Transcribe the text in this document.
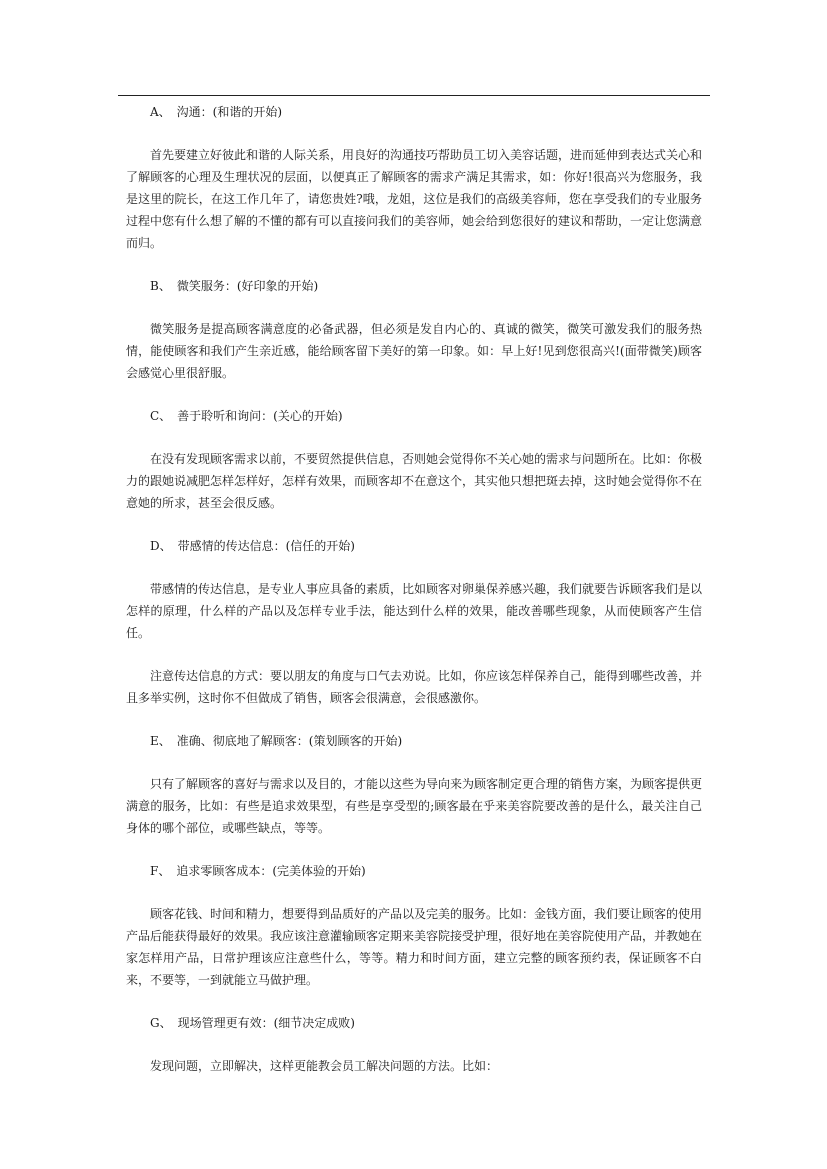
A、　沟通：(和谐的开始)

首先要建立好彼此和谐的人际关系，用良好的沟通技巧帮助员工切入美容话题，进而延伸到表达式关心和了解顾客的心理及生理状况的层面，以便真正了解顾客的需求产满足其需求，如：你好!很高兴为您服务，我是这里的院长，在这工作几年了，请您贵姓?哦，龙姐，这位是我们的高级美容师，您在享受我们的专业服务过程中您有什么想了解的不懂的都有可以直接问我们的美容师，她会给到您很好的建议和帮助，一定让您满意而归。

B、　微笑服务：(好印象的开始)

微笑服务是提高顾客满意度的必备武器，但必须是发自内心的、真诚的微笑，微笑可激发我们的服务热情，能使顾客和我们产生亲近感，能给顾客留下美好的第一印象。如：早上好!见到您很高兴!(面带微笑)顾客会感觉心里很舒服。

C、　善于聆听和询问：(关心的开始)

在没有发现顾客需求以前，不要贸然提供信息，否则她会觉得你不关心她的需求与问题所在。比如：你极力的跟她说减肥怎样怎样好，怎样有效果，而顾客却不在意这个，其实他只想把斑去掉，这时她会觉得你不在意她的所求，甚至会很反感。

D、　带感情的传达信息：(信任的开始)

带感情的传达信息，是专业人事应具备的素质，比如顾客对卵巢保养感兴趣，我们就要告诉顾客我们是以怎样的原理，什么样的产品以及怎样专业手法，能达到什么样的效果，能改善哪些现象，从而使顾客产生信任。

注意传达信息的方式：要以朋友的角度与口气去劝说。比如，你应该怎样保养自己，能得到哪些改善，并且多举实例，这时你不但做成了销售，顾客会很满意，会很感激你。

E、　准确、彻底地了解顾客：(策划顾客的开始)

只有了解顾客的喜好与需求以及目的，才能以这些为导向来为顾客制定更合理的销售方案，为顾客提供更满意的服务，比如：有些是追求效果型，有些是享受型的;顾客最在乎来美容院要改善的是什么，最关注自己身体的哪个部位，或哪些缺点，等等。

F、　追求零顾客成本：(完美体验的开始)

顾客花钱、时间和精力，想要得到品质好的产品以及完美的服务。比如：金钱方面，我们要让顾客的使用产品后能获得最好的效果。我应该注意灌输顾客定期来美容院接受护理，很好地在美容院使用产品，并教她在家怎样用产品，日常护理该应注意些什么，等等。精力和时间方面，建立完整的顾客预约表，保证顾客不白来，不要等，一到就能立马做护理。

G、　现场管理更有效：(细节决定成败)

发现问题，立即解决，这样更能教会员工解决问题的方法。比如：
